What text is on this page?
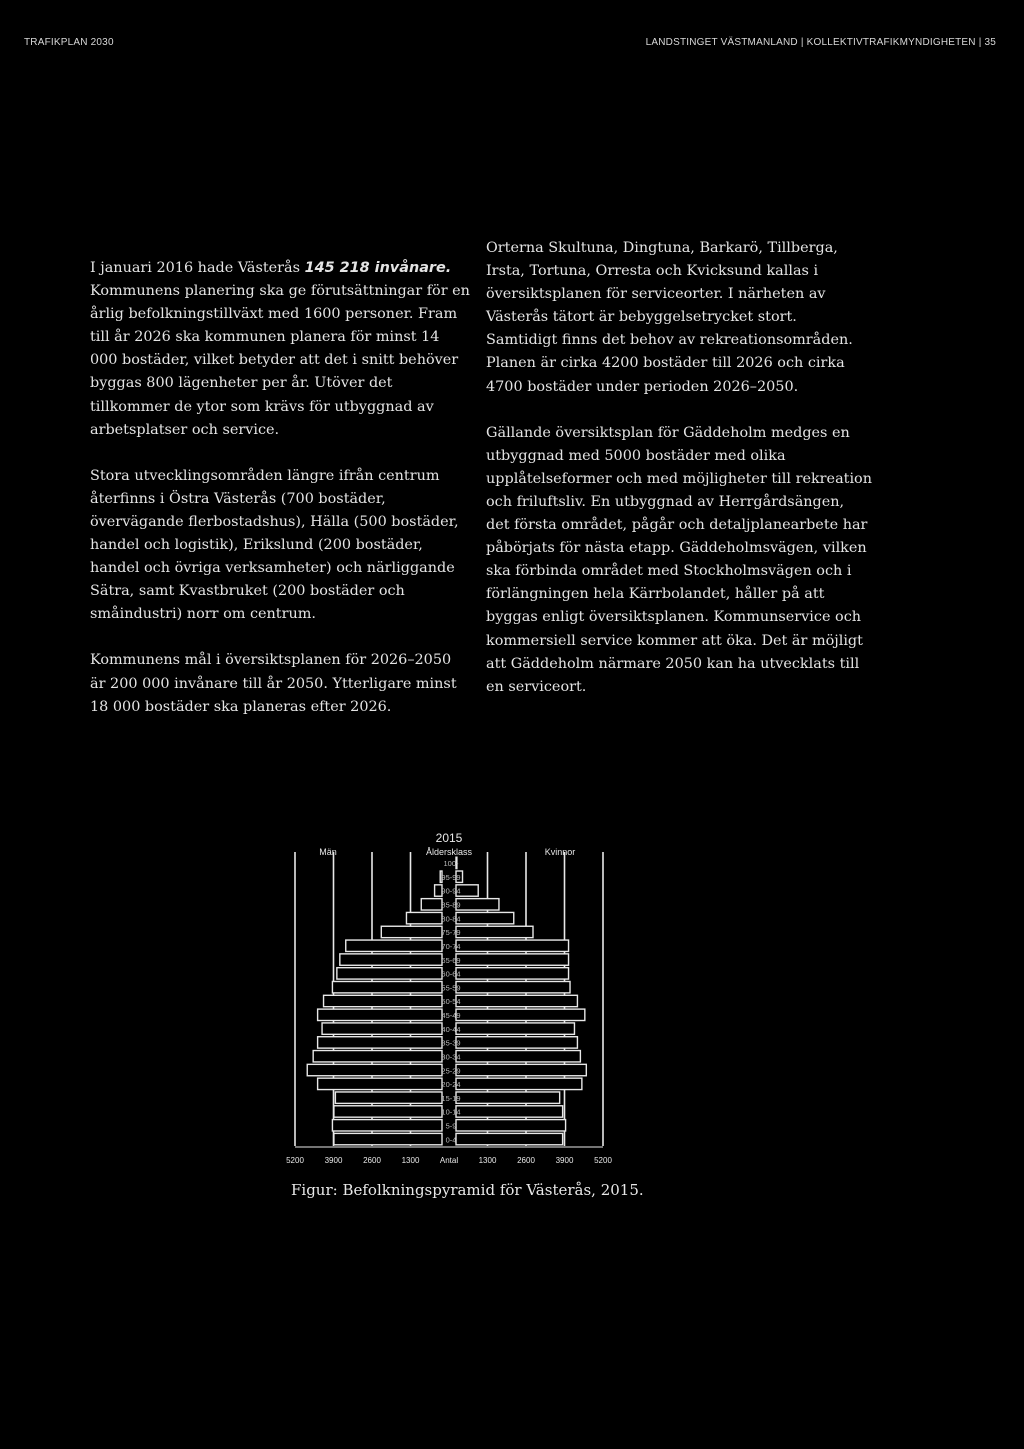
TRAFIKPLAN 2030	LANDSTINGET VÄSTMANLAND | KOLLEKTIVTRAFIKMYNDIGHETEN | 35

I januari 2016 hade Västerås 145 218 invånare. Kommunens planering ska ge förutsättningar för en årlig befolkningstillväxt med 1600 personer. Fram till år 2026 ska kommunen planera för minst 14 000 bostäder, vilket betyder att det i snitt behöver byggas 800 lägenheter per år. Utöver det tillkommer de ytor som krävs för utbyggnad av arbetsplatser och service.

Stora utvecklingsområden längre ifrån centrum återfinns i Östra Västerås (700 bostäder, övervägande flerbostadshus), Hälla (500 bostäder, handel och logistik), Erikslund (200 bostäder, handel och övriga verksamheter) och närliggande Sätra, samt Kvastbruket (200 bostäder och småindustri) norr om centrum.

Kommunens mål i översiktsplanen för 2026–2050 är 200 000 invånare till år 2050. Ytterligare minst 18 000 bostäder ska planeras efter 2026.

Orterna Skultuna, Dingtuna, Barkarö, Tillberga, Irsta, Tortuna, Orresta och Kvicksund kallas i översiktsplanen för serviceorter. I närheten av Västerås tätort är bebyggelsetrycket stort. Samtidigt finns det behov av rekreationsområden. Planen är cirka 4200 bostäder till 2026 och cirka 4700 bostäder under perioden 2026–2050.

Gällande översiktsplan för Gäddeholm medges en utbyggnad med 5000 bostäder med olika upplåtelseformer och med möjligheter till rekreation och friluftsliv. En utbyggnad av Herrgårdsängen, det första området, pågår och detaljplanearbete har påbörjats för nästa etapp. Gäddeholmsvägen, vilken ska förbinda området med Stockholmsvägen och i förlängningen hela Kärrbolandet, håller på att byggas enligt översiktsplanen. Kommunservice och kommersiell service kommer att öka. Det är möjligt att Gäddeholm närmare 2050 kan ha utvecklats till en serviceort.

2015
Åldersklass
Män	Kvinnor
100-
95-99
90-94
85-89
80-84
75-79
70-74
65-69
60-64
55-59
50-54
45-49
40-44
35-39
30-34
25-29
20-24
15-19
10-14
5-9
0-4
5200	3900	2600	1300	Antal	1300	2600	3900	5200
Figur: Befolkningspyramid för Västerås, 2015.
